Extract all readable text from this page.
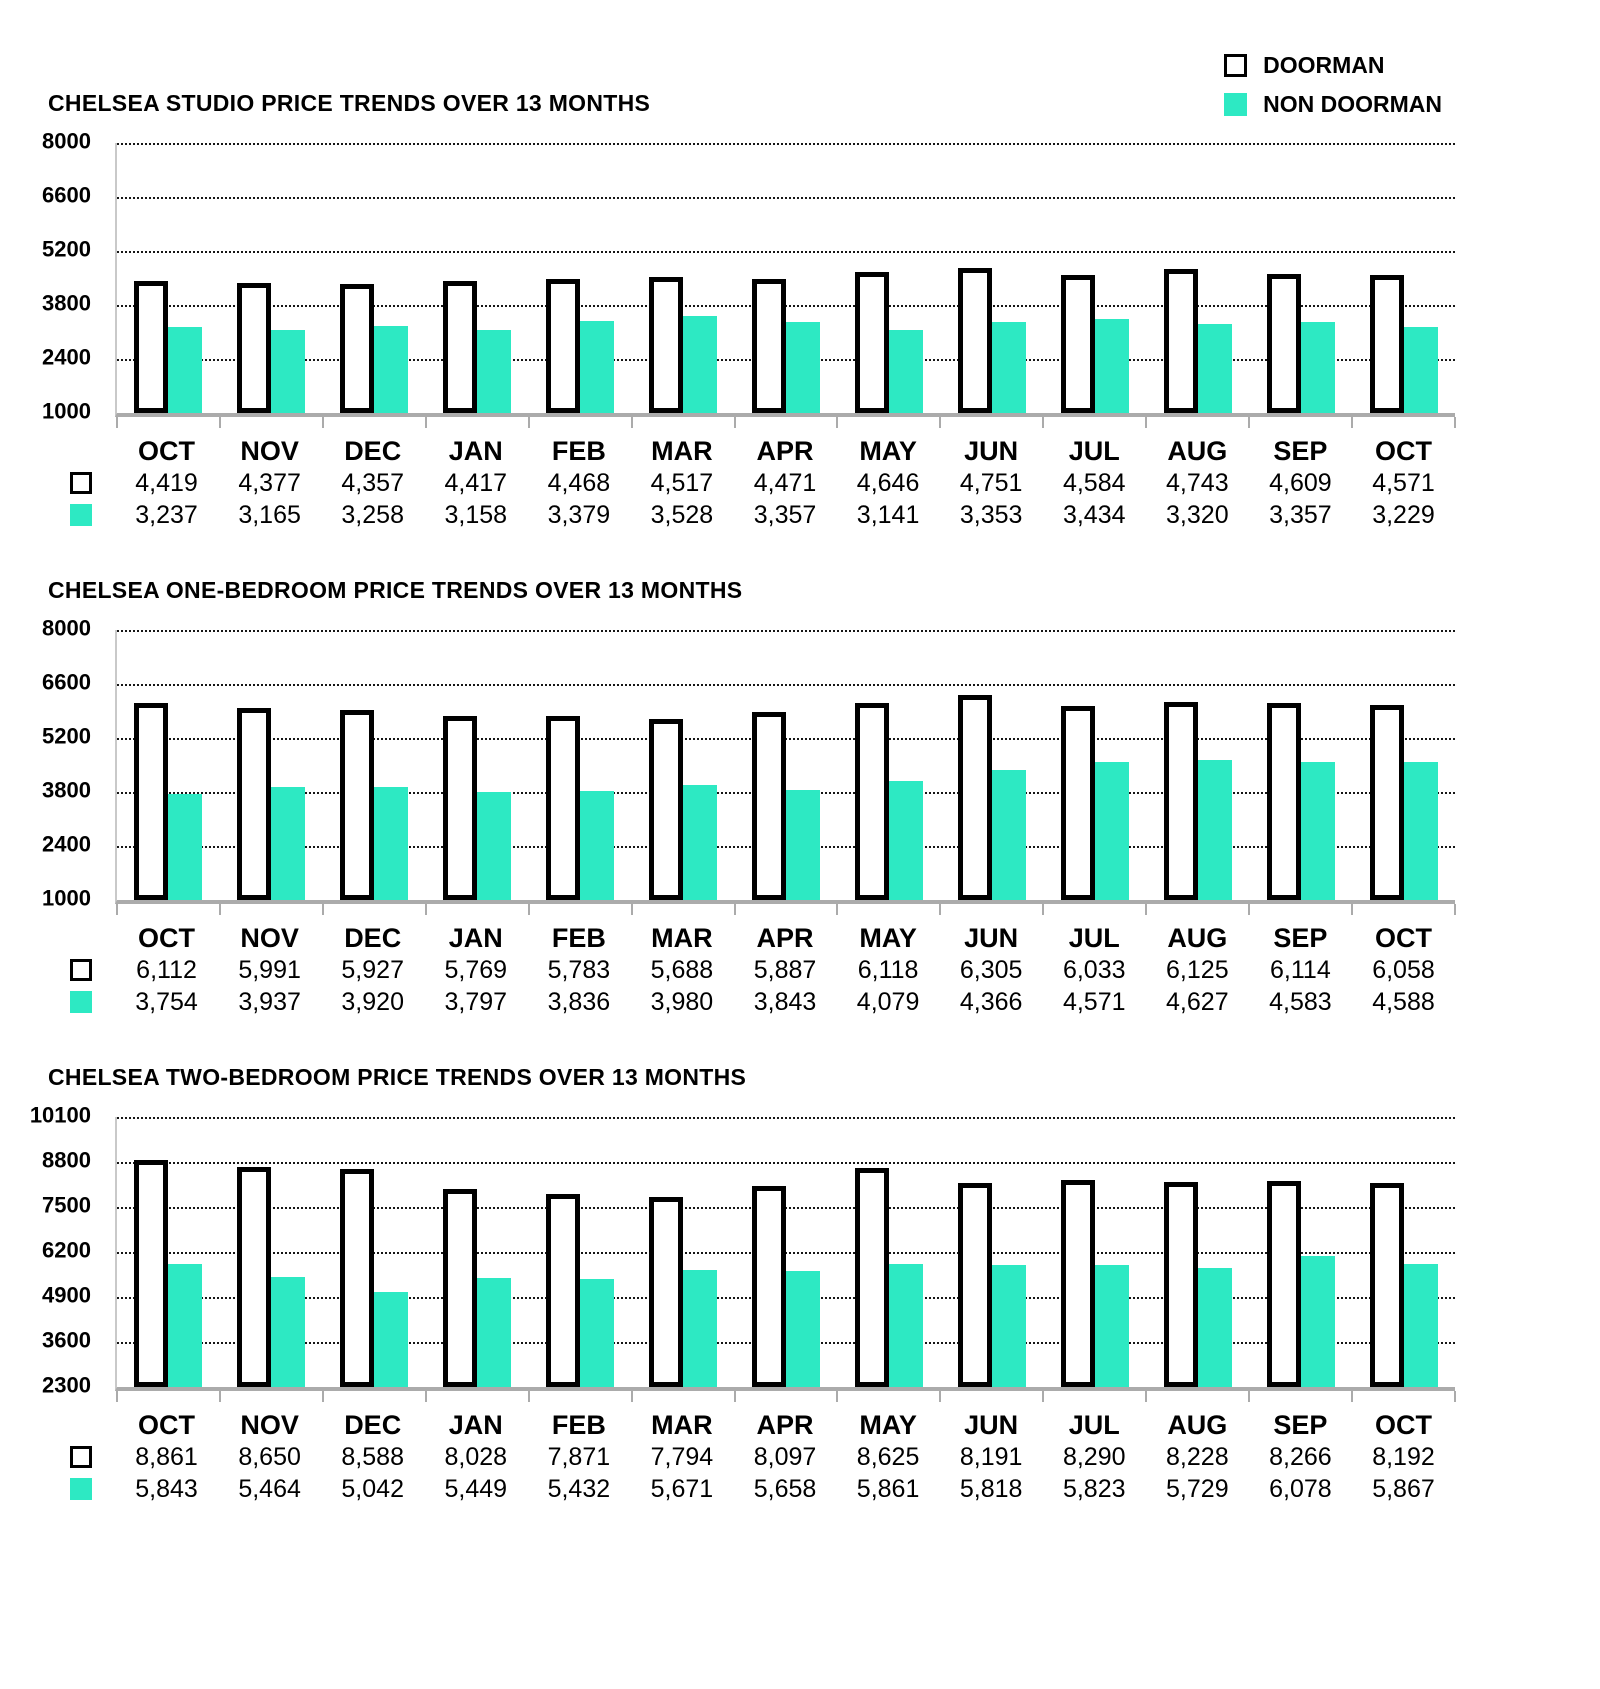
DOORMAN
NON DOORMAN
CHELSEA STUDIO PRICE TRENDS OVER 13 MONTHS
8000
6600
5200
3800
2400
1000
OCT	NOV	DEC	JAN	FEB	MAR	APR	MAY	JUN	JUL	AUG	SEP	OCT
4,419	4,377	4,357	4,417	4,468	4,517	4,471	4,646	4,751	4,584	4,743	4,609	4,571
3,237	3,165	3,258	3,158	3,379	3,528	3,357	3,141	3,353	3,434	3,320	3,357	3,229
CHELSEA ONE-BEDROOM PRICE TRENDS OVER 13 MONTHS
8000
6600
5200
3800
2400
1000
OCT	NOV	DEC	JAN	FEB	MAR	APR	MAY	JUN	JUL	AUG	SEP	OCT
6,112	5,991	5,927	5,769	5,783	5,688	5,887	6,118	6,305	6,033	6,125	6,114	6,058
3,754	3,937	3,920	3,797	3,836	3,980	3,843	4,079	4,366	4,571	4,627	4,583	4,588
CHELSEA TWO-BEDROOM PRICE TRENDS OVER 13 MONTHS
10100
8800
7500
6200
4900
3600
2300
OCT	NOV	DEC	JAN	FEB	MAR	APR	MAY	JUN	JUL	AUG	SEP	OCT
8,861	8,650	8,588	8,028	7,871	7,794	8,097	8,625	8,191	8,290	8,228	8,266	8,192
5,843	5,464	5,042	5,449	5,432	5,671	5,658	5,861	5,818	5,823	5,729	6,078	5,867
